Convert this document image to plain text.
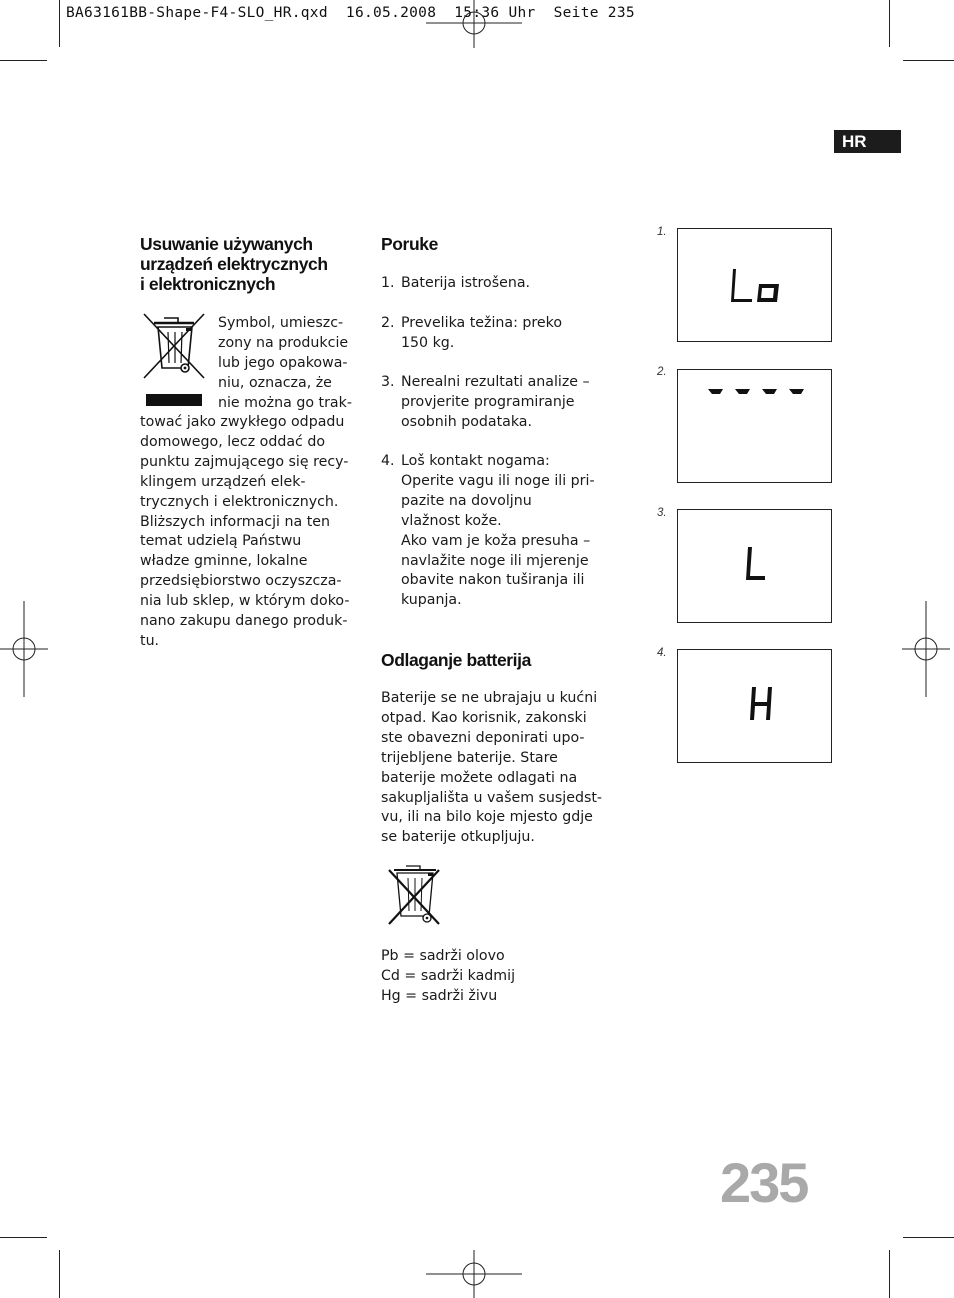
BA63161BB-Shape-F4-SLO_HR.qxd  16.05.2008  15:36 Uhr  Seite 235
HR
Usuwanie używanych
urządzeń elektrycznych
i elektronicznych
Symbol, umieszc-
zony na produkcie
lub jego opakowa-
niu, oznacza, że
nie można go trak-
tować jako zwykłego odpadu
domowego, lecz oddać do
punktu zajmującego się recy-
klingem urządzeń elek-
trycznych i elektronicznych.
Bliższych informacji na ten
temat udzielą Państwu
władze gminne, lokalne
przedsiębiorstwo oczyszcza-
nia lub sklep, w którym doko-
nano zakupu danego produk-
tu.
Poruke
1. Baterija istrošena.
2. Prevelika težina: preko
150 kg.
3. Nerealni rezultati analize –
provjerite programiranje
osobnih podataka.
4. Loš kontakt nogama:
Operite vagu ili noge ili pri-
pazite na dovoljnu
vlažnost kože.
Ako vam je koža presuha –
navlažite noge ili mjerenje
obavite nakon tuširanja ili
kupanja.
Odlaganje batterija
Baterije se ne ubrajaju u kućni
otpad. Kao korisnik, zakonski
ste obavezni deponirati upo-
trijebljene baterije. Stare
baterije možete odlagati na
sakupljališta u vašem susjedst-
vu, ili na bilo koje mjesto gdje
se baterije otkupljuju.
Pb = sadrži olovo
Cd = sadrži kadmij
Hg = sadrži živu
1.
2.
3.
4.
235
